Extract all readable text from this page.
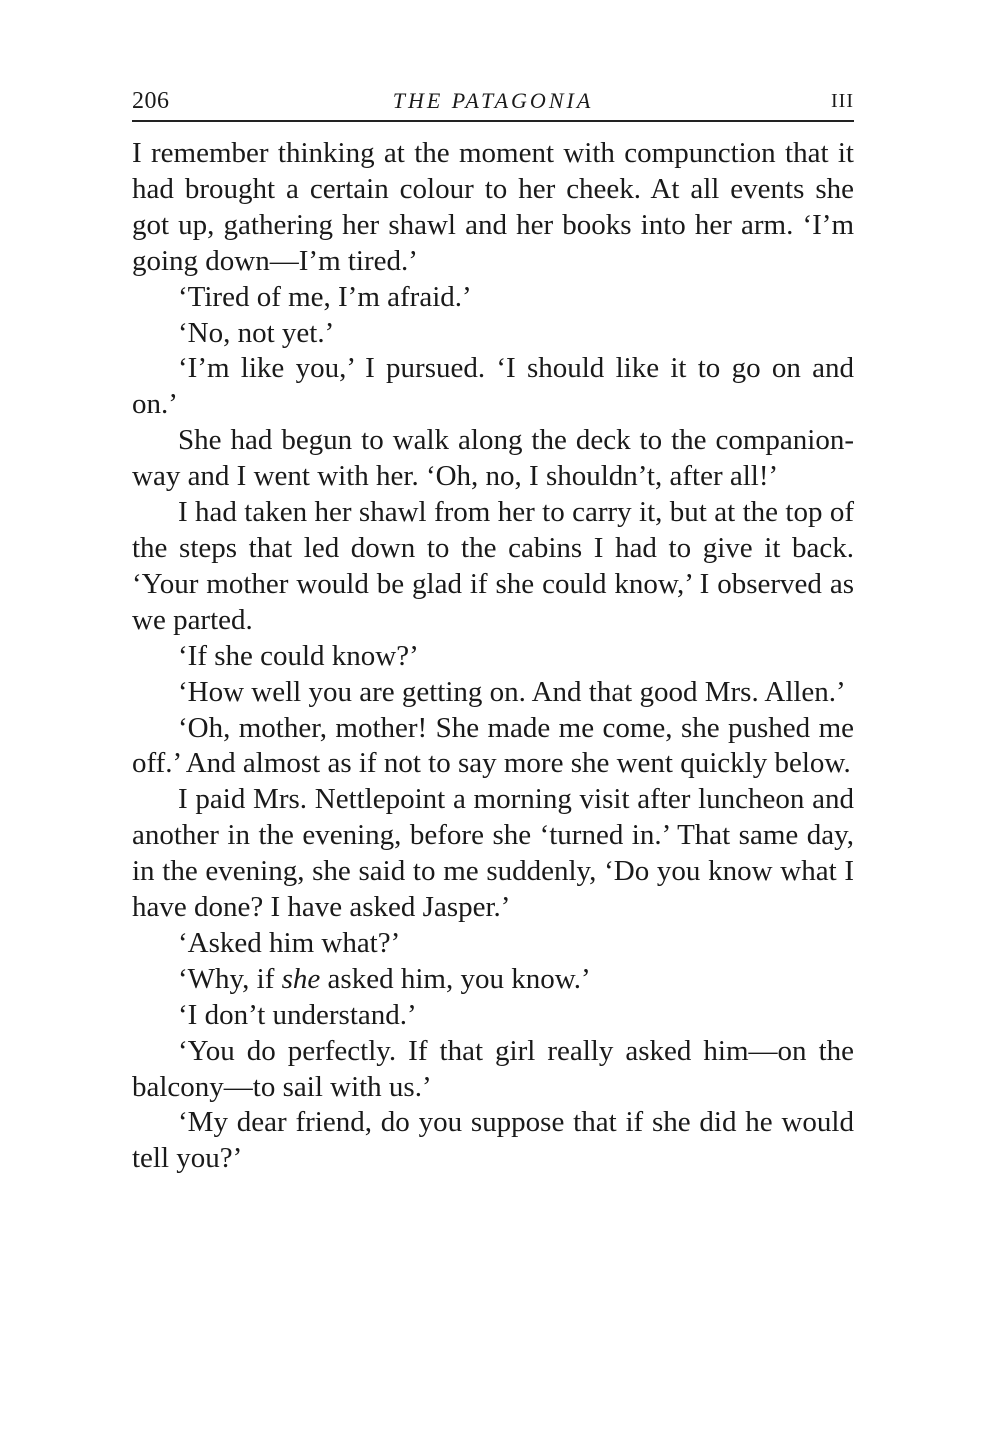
206	THE PATAGONIA	III

I remember thinking at the moment with compunction that it had brought a certain colour to her cheek. At all events she got up, gathering her shawl and her books into her arm. ‘I’m going down—I’m tired.’

‘Tired of me, I’m afraid.’

‘No, not yet.’

‘I’m like you,’ I pursued. ‘I should like it to go on and on.’

She had begun to walk along the deck to the companion-way and I went with her. ‘Oh, no, I shouldn’t, after all!’

I had taken her shawl from her to carry it, but at the top of the steps that led down to the cabins I had to give it back. ‘Your mother would be glad if she could know,’ I observed as we parted.

‘If she could know?’

‘How well you are getting on. And that good Mrs. Allen.’

‘Oh, mother, mother! She made me come, she pushed me off.’ And almost as if not to say more she went quickly below.

I paid Mrs. Nettlepoint a morning visit after luncheon and another in the evening, before she ‘turned in.’ That same day, in the evening, she said to me suddenly, ‘Do you know what I have done? I have asked Jasper.’

‘Asked him what?’

‘Why, if she asked him, you know.’

‘I don’t understand.’

‘You do perfectly. If that girl really asked him—on the balcony—to sail with us.’

‘My dear friend, do you suppose that if she did he would tell you?’
